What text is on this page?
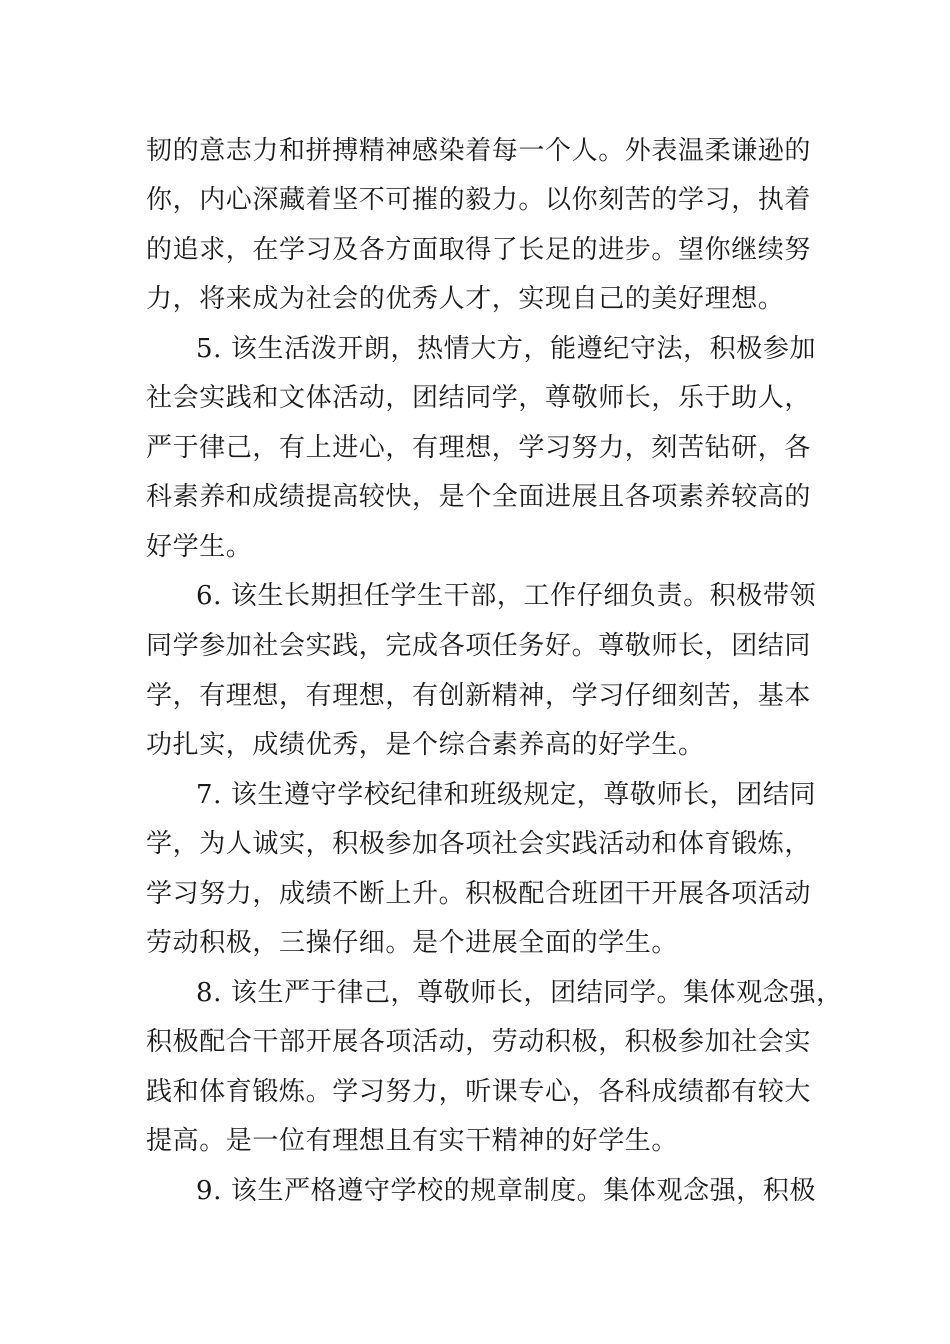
韧的意志力和拼搏精神感染着每一个人。外表温柔谦逊的
你，内心深藏着坚不可摧的毅力。以你刻苦的学习，执着
的追求，在学习及各方面取得了长足的进步。望你继续努
力，将来成为社会的优秀人才，实现自己的美好理想。
5. 该生活泼开朗，热情大方，能遵纪守法，积极参加
社会实践和文体活动，团结同学，尊敬师长，乐于助人，
严于律己，有上进心，有理想，学习努力，刻苦钻研，各
科素养和成绩提高较快，是个全面进展且各项素养较高的
好学生。
6. 该生长期担任学生干部，工作仔细负责。积极带领
同学参加社会实践，完成各项任务好。尊敬师长，团结同
学，有理想，有理想，有创新精神，学习仔细刻苦，基本
功扎实，成绩优秀，是个综合素养高的好学生。
7. 该生遵守学校纪律和班级规定，尊敬师长，团结同
学，为人诚实，积极参加各项社会实践活动和体育锻炼，
学习努力，成绩不断上升。积极配合班团干开展各项活动
劳动积极，三操仔细。是个进展全面的学生。
8. 该生严于律己，尊敬师长，团结同学。集体观念强，
积极配合干部开展各项活动，劳动积极，积极参加社会实
践和体育锻炼。学习努力，听课专心，各科成绩都有较大
提高。是一位有理想且有实干精神的好学生。
9. 该生严格遵守学校的规章制度。集体观念强，积极
